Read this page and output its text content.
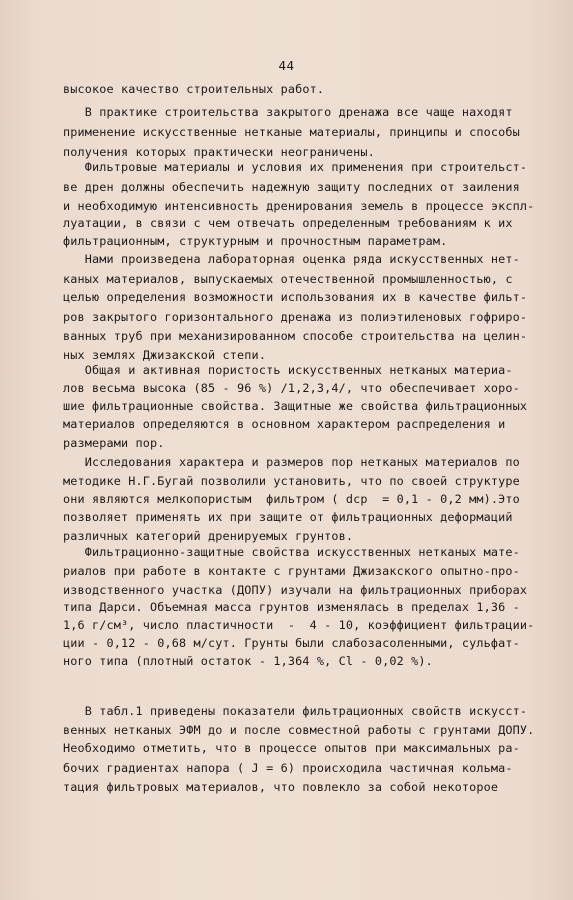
44
высокое качество строительных работ.
В практике строительства закрытого дренажа все чаще находят
применение искусственные нетканые материалы, принципы и способы
получения которых практически неограничены.
Фильтровые материалы и условия их применения при строительст-
ве дрен должны обеспечить надежную защиту последних от заиления
и необходимую интенсивность дренирования земель в процессе экспл-
луатации, в связи с чем отвечать определенным требованиям к их
фильтрационным, структурным и прочностным параметрам.
Нами произведена лабораторная оценка ряда искусственных нет-
каных материалов, выпускаемых отечественной промышленностью, с
целью определения возможности использования их в качестве фильт-
ров закрытого горизонтального дренажа из полиэтиленовых гофриро-
ванных труб при механизированном способе строительства на целин-
ных землях Джизакской степи.
Общая и активная пористость искусственных нетканых материа-
лов весьма высока (85 - 96 %) /1,2,3,4/, что обеспечивает хоро-
шие фильтрационные свойства. Защитные же свойства фильтрационных
материалов определяются в основном характером распределения и
размерами пор.
Исследования характера и размеров пор нетканых материалов по
методике Н.Г.Бугай позволили установить, что по своей структуре
они являются мелкопористым  фильтром ( dср  = 0,1 - 0,2 мм).Это
позволяет применять их при защите от фильтрационных деформаций
различных категорий дренируемых грунтов.
Фильтрационно-защитные свойства искусственных нетканых мате-
риалов при работе в контакте с грунтами Джизакского опытно-про-
изводственного участка (ДОПУ) изучали на фильтрационных приборах
типа Дарси. Объемная масса грунтов изменялась в пределах 1,36 -
1,6 г/см³, число пластичности  -  4 - 10, коэффициент фильтрации-
ции - 0,12 - 0,68 м/сут. Грунты были слабозасоленными, сульфат-
ного типа (плотный остаток - 1,364 %, Cl - 0,02 %).
В табл.1 приведены показатели фильтрационных свойств искусст-
венных нетканых ЭФМ до и после совместной работы с грунтами ДОПУ.
Необходимо отметить, что в процессе опытов при максимальных ра-
бочих градиентах напора ( J = 6) происходила частичная кольма-
тация фильтровых материалов, что повлекло за собой некоторое
